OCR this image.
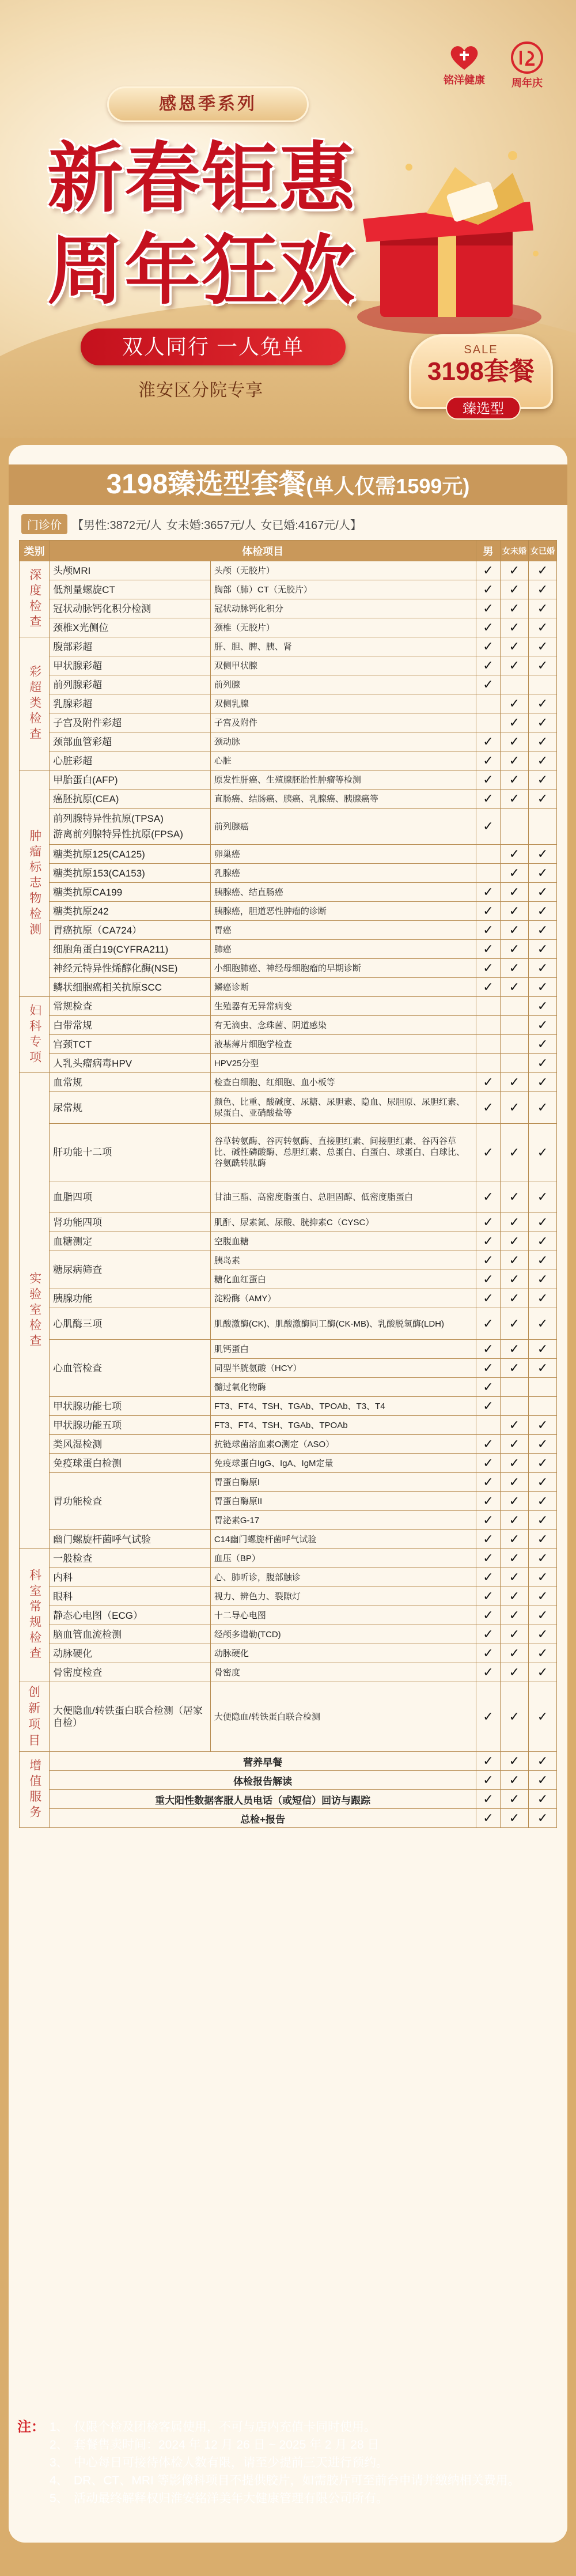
铭洋健康	周年庆
感恩季系列
新春钜惠
周年狂欢
双人同行 一人免单
淮安区分院专享
SALE
3198套餐
臻选型
3198臻选型套餐(单人仅需1599元)
门诊价 【男性:3872元/人 女未婚:3657元/人 女已婚:4167元/人】
类别	体检项目		男	女未婚	女已婚
深度检查	头颅MRI	头颅（无胶片）	✓	✓	✓

	低剂量螺旋CT	胸部（肺）CT（无胶片）	✓	✓	✓

	冠状动脉钙化积分检测	冠状动脉钙化积分	✓	✓	✓

	颈椎X光侧位	颈椎（无胶片）	✓	✓	✓
彩超类检查	腹部彩超	肝、胆、脾、胰、肾	✓	✓	✓

	甲状腺彩超	双侧甲状腺	✓	✓	✓

	前列腺彩超	前列腺	✓		

	乳腺彩超	双侧乳腺		✓	✓

	子宫及附件彩超	子宫及附件		✓	✓

	颈部血管彩超	颈动脉	✓	✓	✓

	心脏彩超	心脏	✓	✓	✓
肿瘤标志物检测	甲胎蛋白(AFP)	原发性肝癌、生殖腺胚胎性肿瘤等检测	✓	✓	✓

	癌胚抗原(CEA)	直肠癌、结肠癌、胰癌、乳腺癌、胰腺癌等	✓	✓	✓

	前列腺特异性抗原(TPSA)
游离前列腺特异性抗原(FPSA)	前列腺癌	✓		

	糖类抗原125(CA125)	卵巢癌		✓	✓

	糖类抗原153(CA153)	乳腺癌		✓	✓

	糖类抗原CA199	胰腺癌、结直肠癌	✓	✓	✓

	糖类抗原242	胰腺癌，胆道恶性肿瘤的诊断	✓	✓	✓

	胃癌抗原（CA724）	胃癌	✓	✓	✓

	细胞角蛋白19(CYFRA211)	肺癌	✓	✓	✓

	神经元特异性烯醇化酶(NSE)	小细胞肺癌、神经母细胞瘤的早期诊断	✓	✓	✓

	鳞状细胞癌相关抗原SCC	鳞癌诊断	✓	✓	✓
妇科专项	常规检查	生殖器有无异常病变			✓

	白带常规	有无滴虫、念珠菌、阴道感染			✓

	宫颈TCT	液基薄片细胞学检查			✓

	人乳头瘤病毒HPV	HPV25分型			✓
实验室检查	血常规	检查白细胞、红细胞、血小板等	✓	✓	✓

	尿常规	颜色、比重、酸碱度、尿糖、尿胆素、隐血、尿胆原、尿胆红素、尿蛋白、亚硝酸盐等	✓	✓	✓

	肝功能十二项	谷草转氨酶、谷丙转氨酶、直接胆红素、间接胆红素、谷丙谷草比、碱性磷酸酶、总胆红素、总蛋白、白蛋白、球蛋白、白球比、谷氨酰转肽酶	✓	✓	✓

	血脂四项	甘油三酯、高密度脂蛋白、总胆固醇、低密度脂蛋白	✓	✓	✓

	肾功能四项	肌酐、尿素氮、尿酸、胱抑素C（CYSC）	✓	✓	✓

	血糖测定	空腹血糖	✓	✓	✓

	糖尿病筛查	胰岛素	✓	✓	✓
		糖化血红蛋白	✓	✓	✓

	胰腺功能	淀粉酶（AMY）	✓	✓	✓

	心肌酶三项	肌酸激酶(CK)、肌酸激酶同工酶(CK-MB)、乳酸脱氢酶(LDH)	✓	✓	✓

	心血管检查	肌钙蛋白	✓	✓	✓
		同型半胱氨酸（HCY）	✓	✓	✓
		髓过氧化物酶	✓		

	甲状腺功能七项	FT3、FT4、TSH、TGAb、TPOAb、T3、T4	✓		

	甲状腺功能五项	FT3、FT4、TSH、TGAb、TPOAb		✓	✓

	类风湿检测	抗链球菌溶血素O测定（ASO）	✓	✓	✓

	免疫球蛋白检测	免疫球蛋白IgG、IgA、IgM定量	✓	✓	✓

	胃功能检查	胃蛋白酶原I	✓	✓	✓
		胃蛋白酶原II	✓	✓	✓
		胃泌素G-17	✓	✓	✓

	幽门螺旋杆菌呼气试验	C14幽门螺旋杆菌呼气试验	✓	✓	✓
科室常规检查	一般检查	血压（BP）	✓	✓	✓

	内科	心、肺听诊，腹部触诊	✓	✓	✓

	眼科	视力、辨色力、裂隙灯	✓	✓	✓

	静态心电图（ECG）	十二导心电图	✓	✓	✓

	脑血管血流检测	经颅多谱勒(TCD)	✓	✓	✓

	动脉硬化	动脉硬化	✓	✓	✓

	骨密度检查	骨密度	✓	✓	✓
创新项目	大便隐血/转铁蛋白联合检测（居家自检）	大便隐血/转铁蛋白联合检测	✓	✓	✓
增值服务	营养早餐		✓	✓	✓
	体检报告解读		✓	✓	✓
	重大阳性数据客服人员电话（或短信）回访与跟踪		✓	✓	✓
	总检+报告		✓	✓	✓
注： 1、 仅限个检及团检客属使用，不可与店内充值卡同时使用。
2、 套餐售卖时间：2024 年 12 月 26 日 ~ 2025 年 2 月 28 日
3、 中心每日可接待体检人数有限，请至少提前三天进行预约。
4、 DR、CT、MRI 等影像科项目不提供胶片，如需胶片可至前台申请并缴纳相关费用。
5、 活动最终解释权归淮安铭洋美年大健康管理有限公司所有。
